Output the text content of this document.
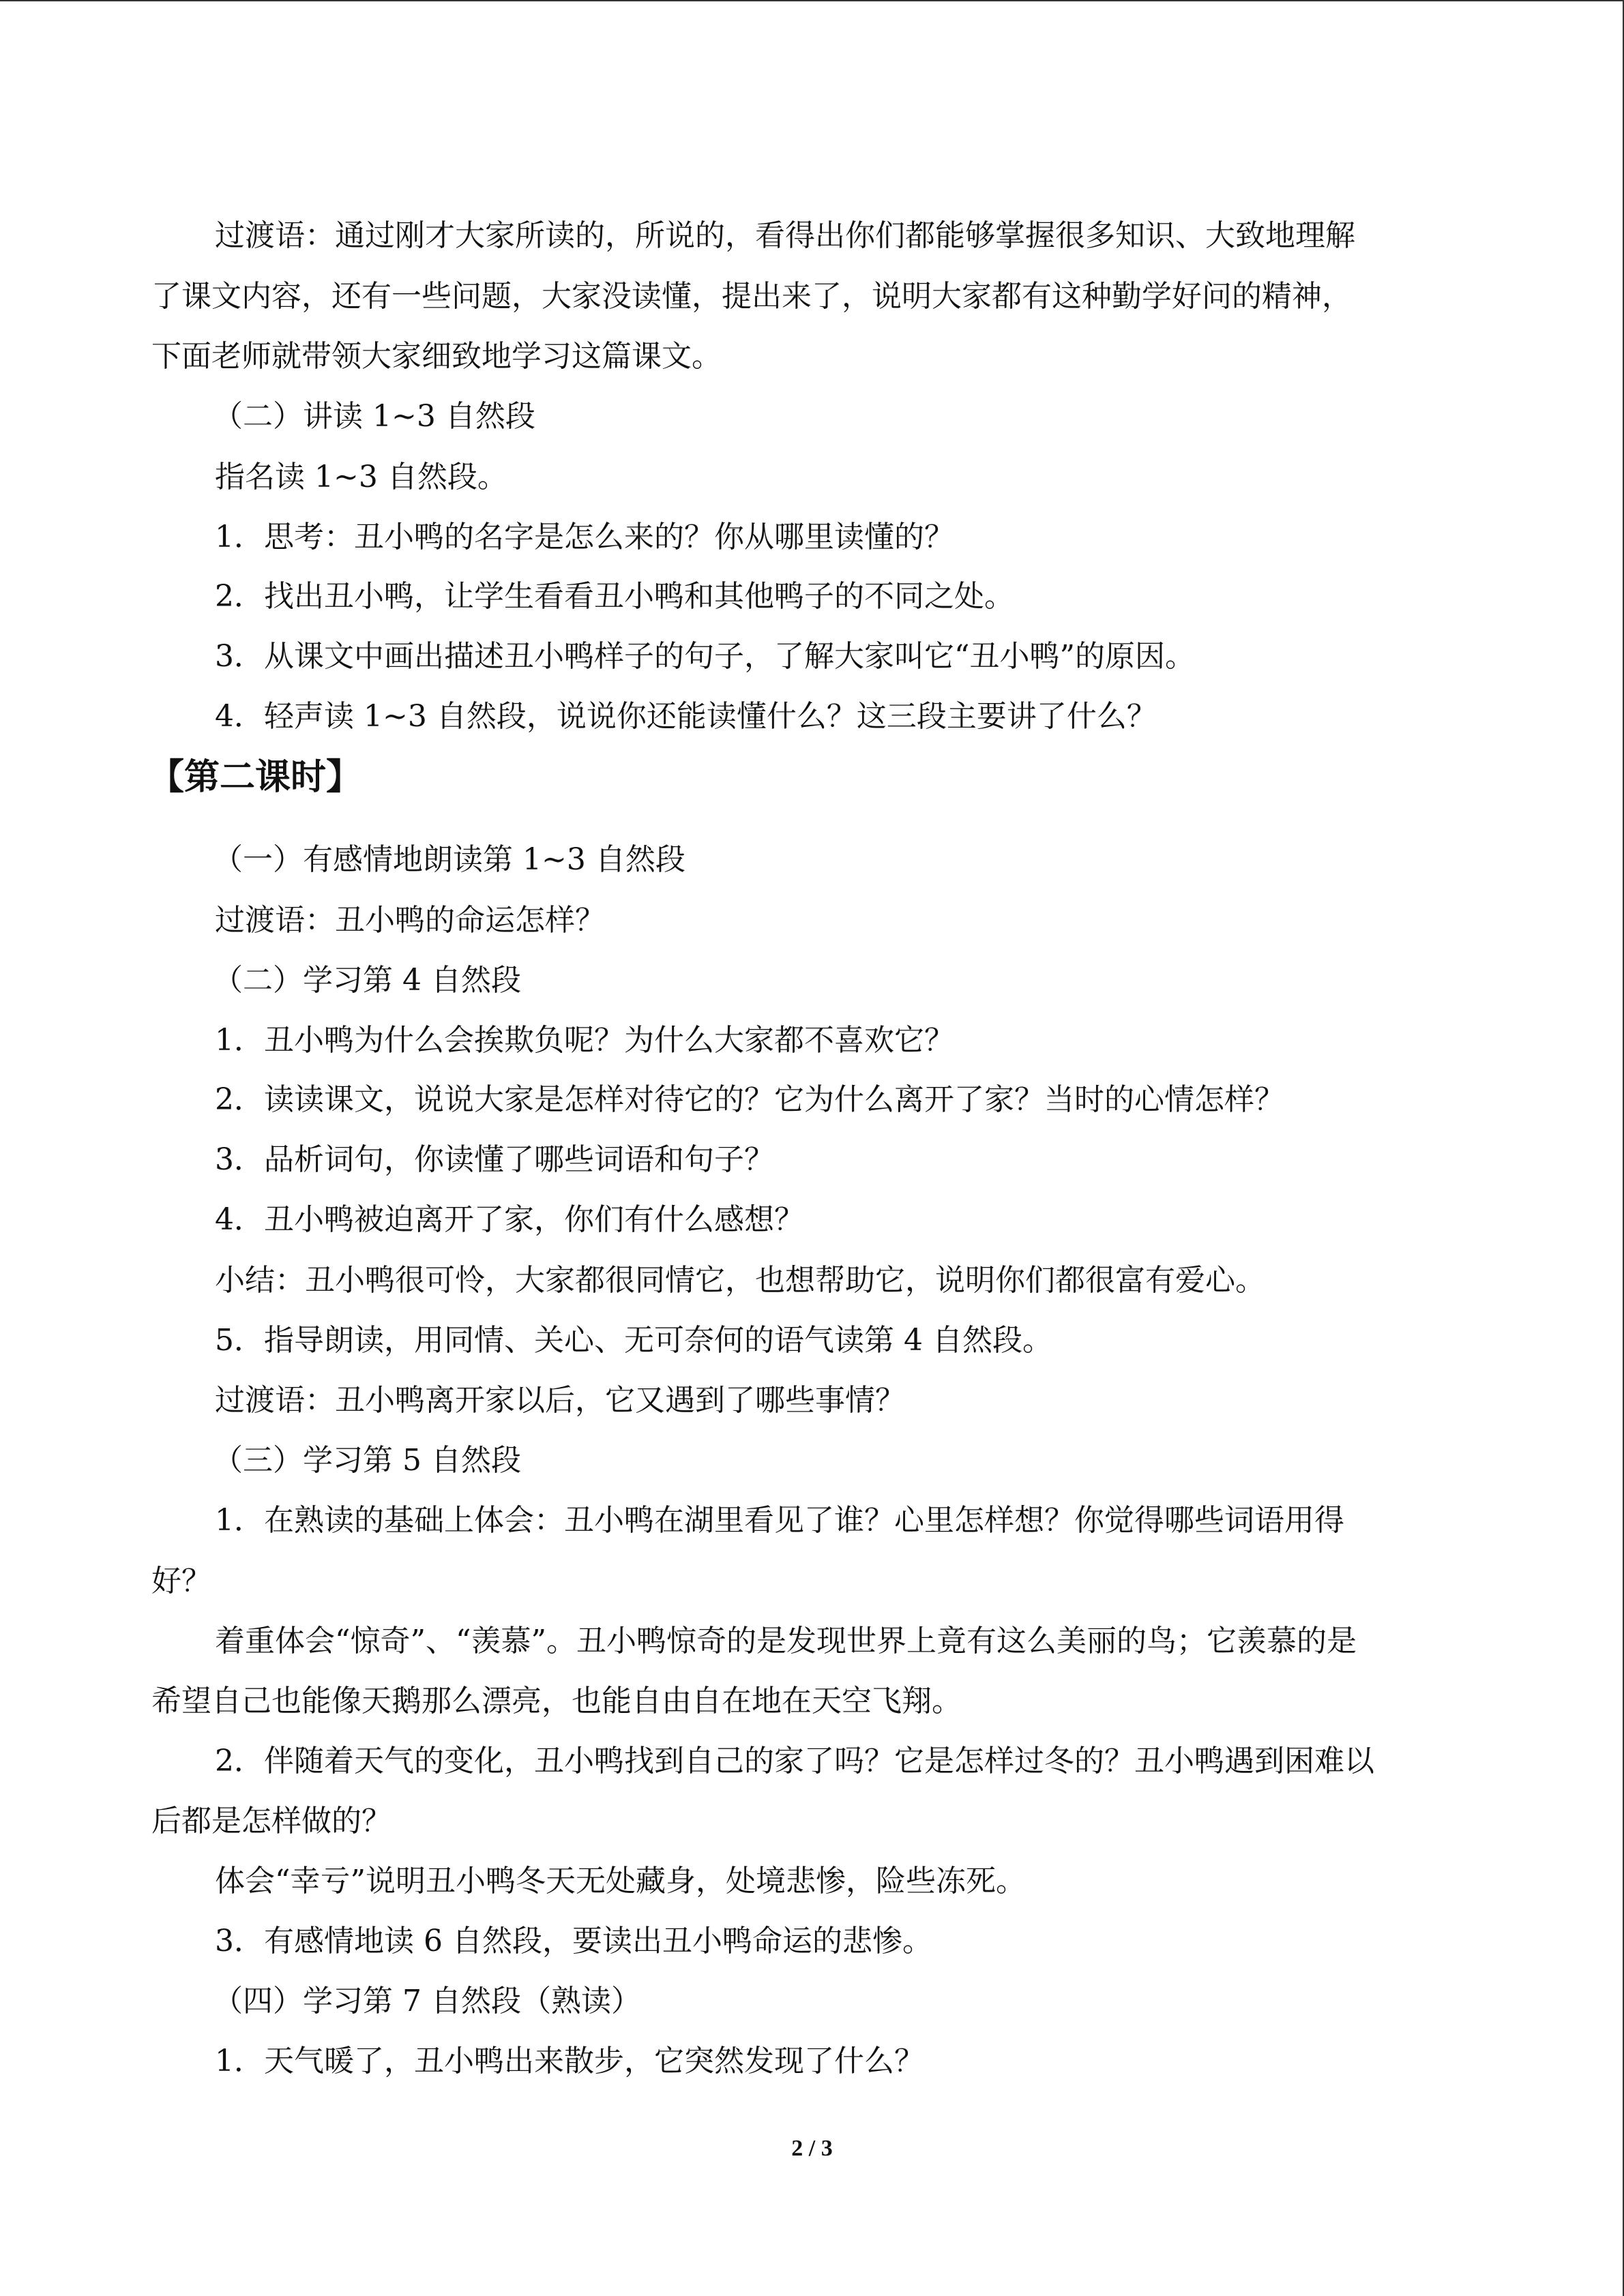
过渡语：通过刚才大家所读的，所说的，看得出你们都能够掌握很多知识、大致地理解
了课文内容，还有一些问题，大家没读懂，提出来了，说明大家都有这种勤学好问的精神，
下面老师就带领大家细致地学习这篇课文。
（二）讲读 1~3 自然段
指名读 1~3 自然段。
1．思考：丑小鸭的名字是怎么来的？你从哪里读懂的？
2．找出丑小鸭，让学生看看丑小鸭和其他鸭子的不同之处。
3．从课文中画出描述丑小鸭样子的句子，了解大家叫它“丑小鸭”的原因。
4．轻声读 1~3 自然段，说说你还能读懂什么？这三段主要讲了什么？
【第二课时】
（一）有感情地朗读第 1~3 自然段
过渡语：丑小鸭的命运怎样？
（二）学习第 4 自然段
1．丑小鸭为什么会挨欺负呢？为什么大家都不喜欢它？
2．读读课文，说说大家是怎样对待它的？它为什么离开了家？当时的心情怎样？
3．品析词句，你读懂了哪些词语和句子？
4．丑小鸭被迫离开了家，你们有什么感想？
小结：丑小鸭很可怜，大家都很同情它，也想帮助它，说明你们都很富有爱心。
5．指导朗读，用同情、关心、无可奈何的语气读第 4 自然段。
过渡语：丑小鸭离开家以后，它又遇到了哪些事情？
（三）学习第 5 自然段
1．在熟读的基础上体会：丑小鸭在湖里看见了谁？心里怎样想？你觉得哪些词语用得
好？
着重体会“惊奇”、“羡慕”。丑小鸭惊奇的是发现世界上竟有这么美丽的鸟；它羡慕的是
希望自己也能像天鹅那么漂亮，也能自由自在地在天空飞翔。
2．伴随着天气的变化，丑小鸭找到自己的家了吗？它是怎样过冬的？丑小鸭遇到困难以
后都是怎样做的？
体会“幸亏”说明丑小鸭冬天无处藏身，处境悲惨，险些冻死。
3．有感情地读 6 自然段，要读出丑小鸭命运的悲惨。
（四）学习第 7 自然段（熟读）
1．天气暖了，丑小鸭出来散步，它突然发现了什么？
2 / 3
